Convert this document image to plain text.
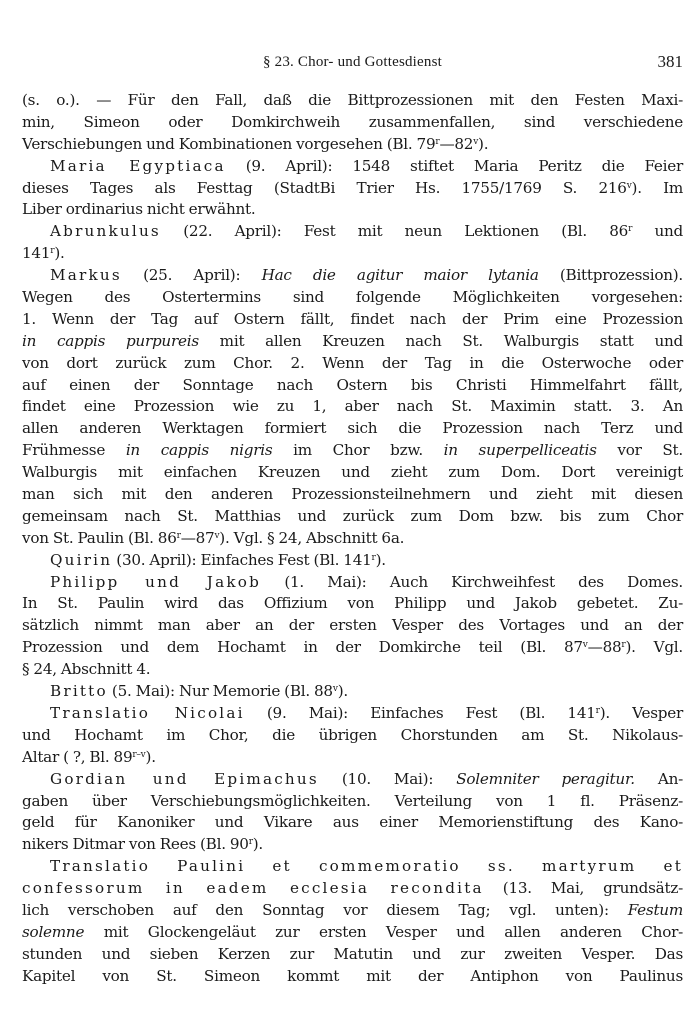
§ 23. Chor- und Gottesdienst	381
(s. o.). — Für den Fall, daß die Bittprozessionen mit den Festen Maxi-
min, Simeon oder Domkirchweih zusammenfallen, sind verschiedene
Verschiebungen und Kombinationen vorgesehen (Bl. 79$^r$—82$^v$).
Maria Egyptiaca (9. April): 1548 stiftet Maria Peritz die Feier
dieses Tages als Festtag (StadtBi Trier Hs. 1755/1769 S. 216$^v$). Im
Liber ordinarius nicht erwähnt.
Abrunkulus (22. April): Fest mit neun Lektionen (Bl. 86$^r$ und
141$^r$).
Markus (25. April): Hac die agitur maior lytania (Bittprozession).
Wegen des Ostertermins sind folgende Möglichkeiten vorgesehen:
1. Wenn der Tag auf Ostern fällt, findet nach der Prim eine Prozession
in cappis purpureis mit allen Kreuzen nach St. Walburgis statt und
von dort zurück zum Chor. 2. Wenn der Tag in die Osterwoche oder
auf einen der Sonntage nach Ostern bis Christi Himmelfahrt fällt,
findet eine Prozession wie zu 1, aber nach St. Maximin statt. 3. An
allen anderen Werktagen formiert sich die Prozession nach Terz und
Frühmesse in cappis nigris im Chor bzw. in superpelliceatis vor St.
Walburgis mit einfachen Kreuzen und zieht zum Dom. Dort vereinigt
man sich mit den anderen Prozessionsteilnehmern und zieht mit diesen
gemeinsam nach St. Matthias und zurück zum Dom bzw. bis zum Chor
von St. Paulin (Bl. 86$^r$—87$^v$). Vgl. § 24, Abschnitt 6a.
Quirin (30. April): Einfaches Fest (Bl. 141$^r$).
Philipp und Jakob (1. Mai): Auch Kirchweihfest des Domes.
In St. Paulin wird das Offizium von Philipp und Jakob gebetet. Zu-
sätzlich nimmt man aber an der ersten Vesper des Vortages und an der
Prozession und dem Hochamt in der Domkirche teil (Bl. 87$^v$—88$^r$). Vgl.
§ 24, Abschnitt 4.
Britto (5. Mai): Nur Memorie (Bl. 88$^v$).
Translatio Nicolai (9. Mai): Einfaches Fest (Bl. 141$^r$). Vesper
und Hochamt im Chor, die übrigen Chorstunden am St. Nikolaus-
Altar ( ?, Bl. 89$^{r-v}$).
Gordian und Epimachus (10. Mai): Solemniter peragitur. An-
gaben über Verschiebungsmöglichkeiten. Verteilung von 1 fl. Präsenz-
geld für Kanoniker und Vikare aus einer Memorienstiftung des Kano-
nikers Ditmar von Rees (Bl. 90$^r$).
Translatio Paulini et commemoratio ss. martyrum et
confessorum in eadem ecclesia recondita (13. Mai, grundsätz-
lich verschoben auf den Sonntag vor diesem Tag; vgl. unten): Festum
solemne mit Glockengeläut zur ersten Vesper und allen anderen Chor-
stunden und sieben Kerzen zur Matutin und zur zweiten Vesper. Das
Kapitel von St. Simeon kommt mit der Antiphon von Paulinus
